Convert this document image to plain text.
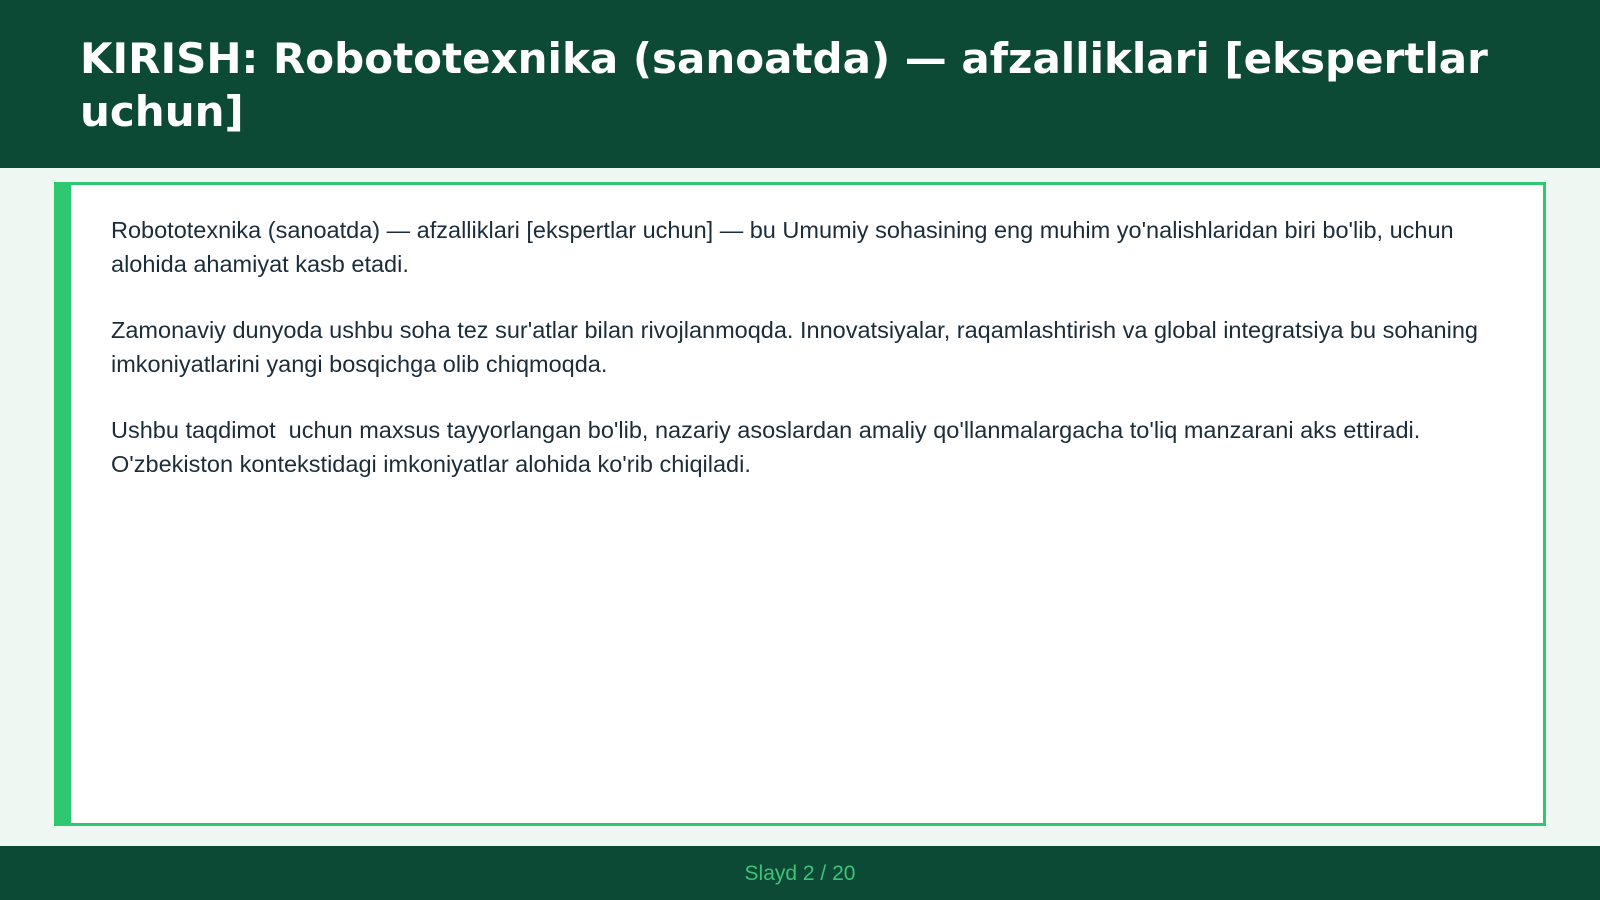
KIRISH: Robototexnika (sanoatda) — afzalliklari [ekspertlar uchun]

Robototexnika (sanoatda) — afzalliklari [ekspertlar uchun] — bu Umumiy sohasining eng muhim yo'nalishlaridan biri bo'lib, uchun alohida ahamiyat kasb etadi.

Zamonaviy dunyoda ushbu soha tez sur'atlar bilan rivojlanmoqda. Innovatsiyalar, raqamlashtirish va global integratsiya bu sohaning imkoniyatlarini yangi bosqichga olib chiqmoqda.

Ushbu taqdimot  uchun maxsus tayyorlangan bo'lib, nazariy asoslardan amaliy qo'llanmalargacha to'liq manzarani aks ettiradi. O'zbekiston kontekstidagi imkoniyatlar alohida ko'rib chiqiladi.

Slayd 2 / 20
